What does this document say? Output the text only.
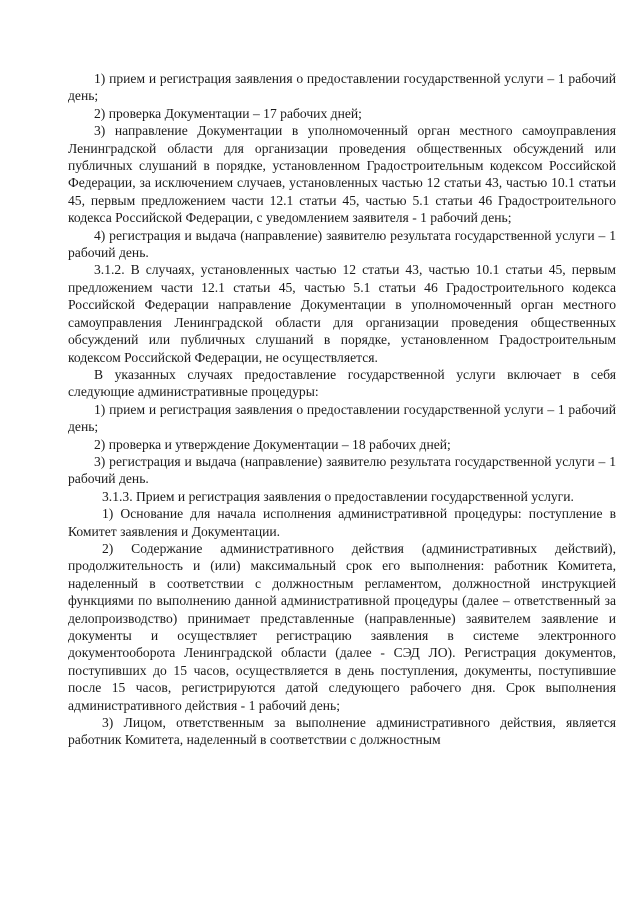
1) прием и регистрация заявления о предоставлении государственной услуги – 1 рабочий день;

2) проверка Документации – 17 рабочих дней;

3) направление Документации в уполномоченный орган местного самоуправления Ленинградской области для организации проведения общественных обсуждений или публичных слушаний в порядке, установленном Градостроительным кодексом Российской Федерации, за исключением случаев, установленных частью 12 статьи 43, частью 10.1 статьи 45, первым предложением части 12.1 статьи 45, частью 5.1 статьи 46 Градостроительного кодекса Российской Федерации, с уведомлением заявителя - 1 рабочий день;

4) регистрация и выдача (направление) заявителю результата государственной услуги – 1 рабочий день.

3.1.2. В случаях, установленных частью 12 статьи 43, частью 10.1 статьи 45, первым предложением части 12.1 статьи 45, частью 5.1 статьи 46 Градостроительного кодекса Российской Федерации направление Документации в уполномоченный орган местного самоуправления Ленинградской области для организации проведения общественных обсуждений или публичных слушаний в порядке, установленном Градостроительным кодексом Российской Федерации, не осуществляется.

В указанных случаях предоставление государственной услуги включает в себя следующие административные процедуры:

1) прием и регистрация заявления о предоставлении государственной услуги – 1 рабочий день;

2) проверка и утверждение Документации – 18 рабочих дней;

3) регистрация и выдача (направление) заявителю результата государственной услуги – 1 рабочий день.

3.1.3. Прием и регистрация заявления о предоставлении государственной услуги.

1) Основание для начала исполнения административной процедуры: поступление в Комитет заявления и Документации.

2) Содержание административного действия (административных действий), продолжительность и (или) максимальный срок его выполнения: работник Комитета, наделенный в соответствии с должностным регламентом, должностной инструкцией функциями по выполнению данной административной процедуры (далее – ответственный за делопроизводство) принимает представленные (направленные) заявителем заявление и документы и осуществляет регистрацию заявления в системе электронного документооборота Ленинградской области (далее - СЭД ЛО). Регистрация документов, поступивших до 15 часов, осуществляется в день поступления, документы, поступившие после 15 часов, регистрируются датой следующего рабочего дня. Срок выполнения административного действия - 1 рабочий день;

3) Лицом, ответственным за выполнение административного действия, является работник Комитета, наделенный в соответствии с должностным
